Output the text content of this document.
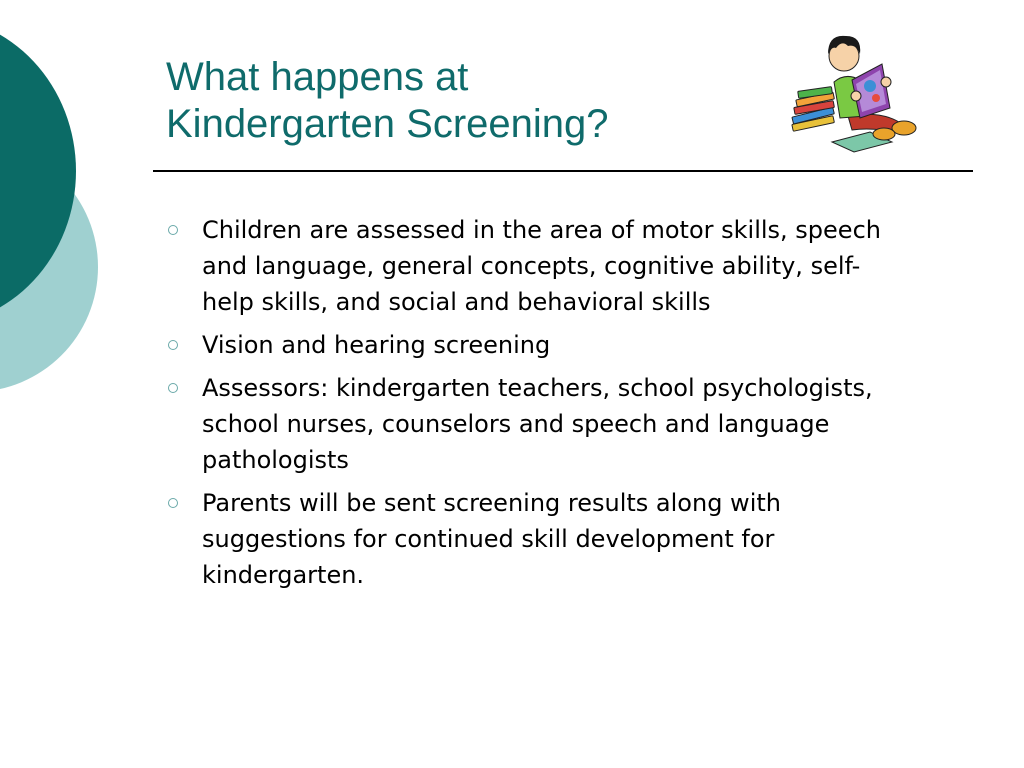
What happens at
Kindergarten Screening?
Children are assessed in the area of motor skills, speech and language, general concepts, cognitive ability, self-help skills, and social and behavioral skills
Vision and hearing screening
Assessors: kindergarten teachers, school psychologists, school nurses, counselors and speech and language pathologists
Parents will be sent screening results along with suggestions for continued skill development for kindergarten.
